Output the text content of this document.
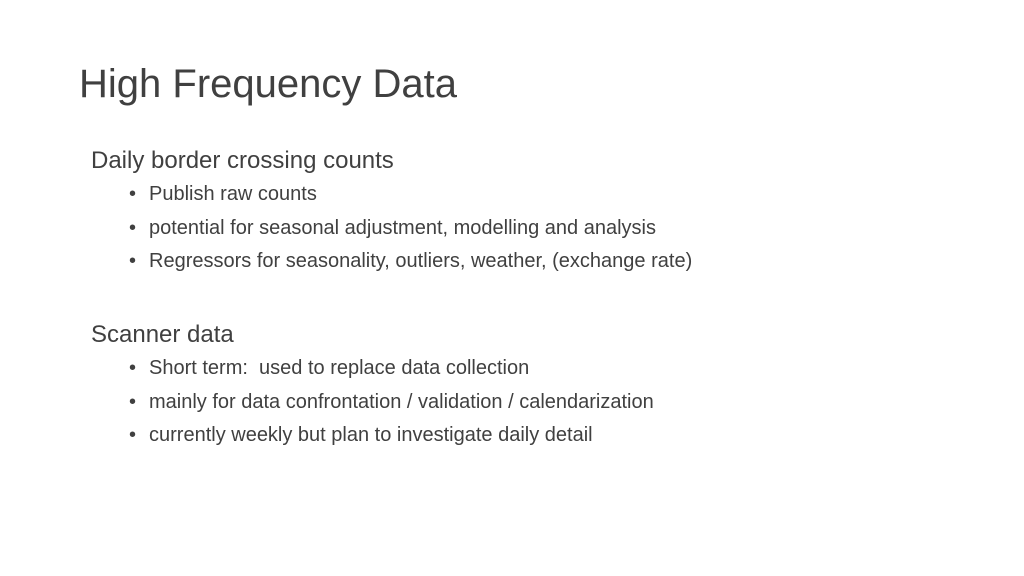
High Frequency Data

Daily border crossing counts

• Publish raw counts
• potential for seasonal adjustment, modelling and analysis
• Regressors for seasonality, outliers, weather, (exchange rate)

Scanner data

• Short term:  used to replace data collection
• mainly for data confrontation / validation / calendarization
• currently weekly but plan to investigate daily detail
